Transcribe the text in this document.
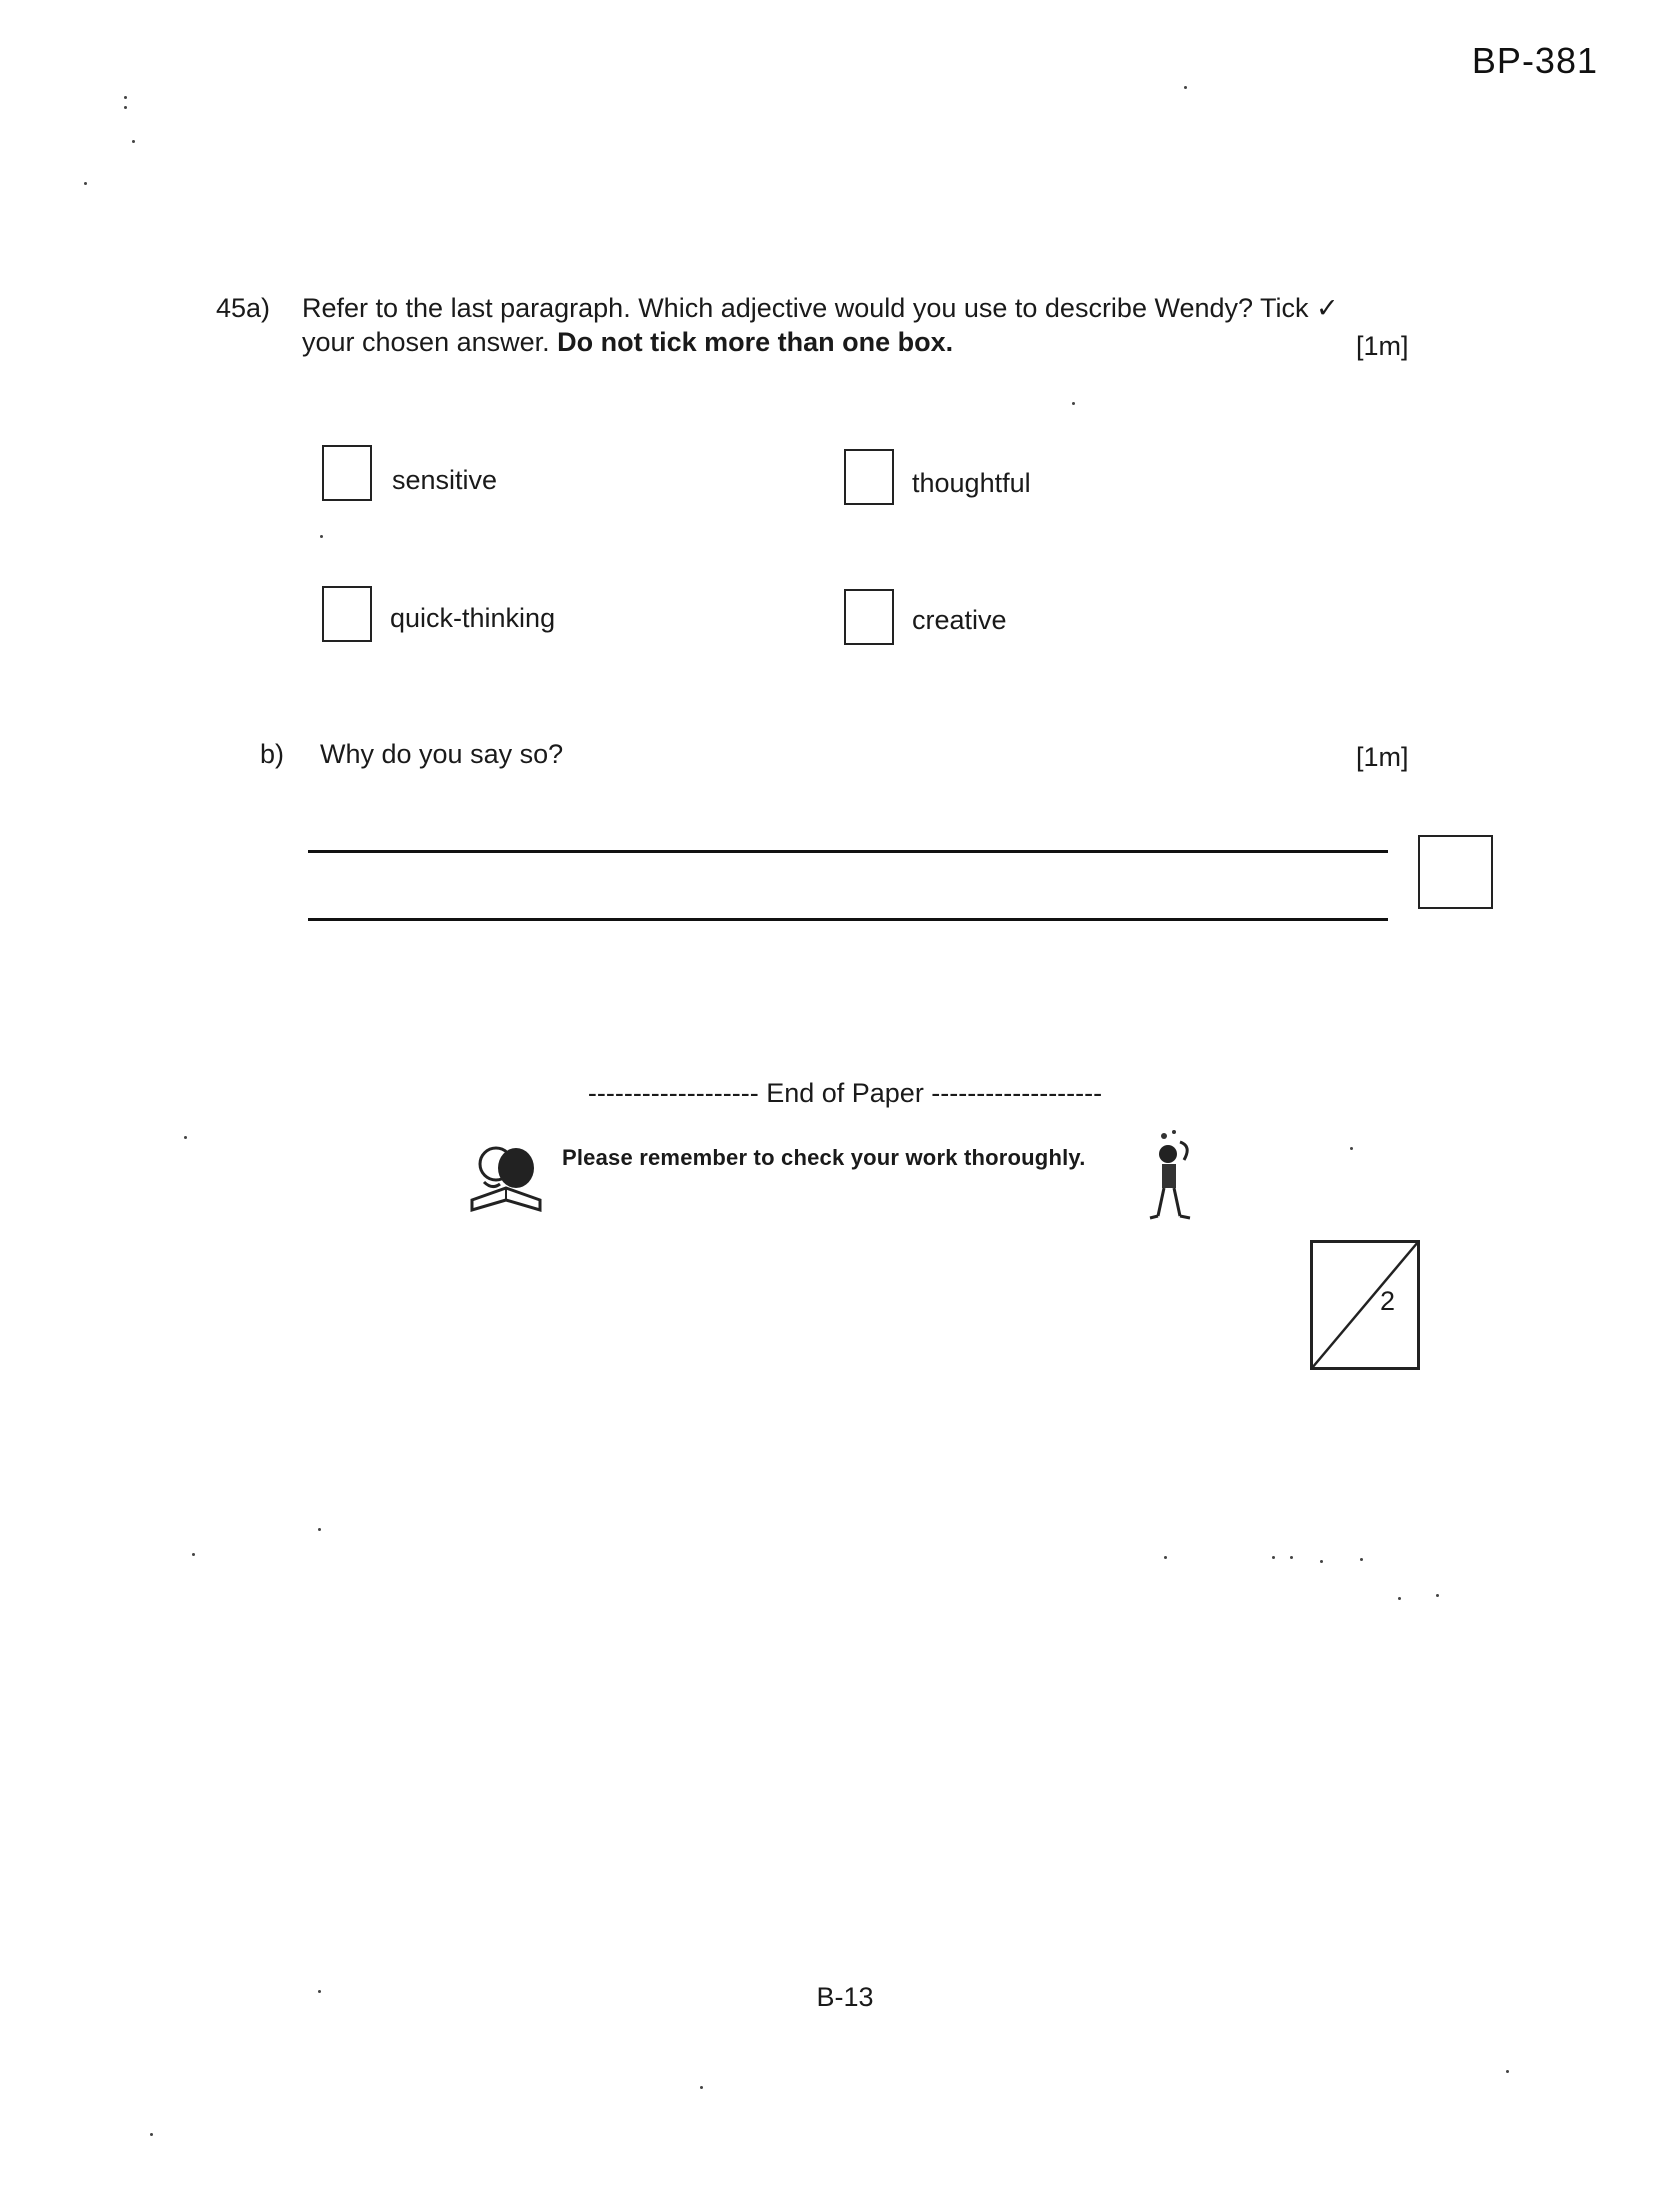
BP-381
45a) Refer to the last paragraph. Which adjective would you use to describe Wendy? Tick ✓
your chosen answer. Do not tick more than one box.	[1m]
sensitive	thoughtful
quick-thinking	creative
b) Why do you say so?	[1m]
------------------- End of Paper -------------------
Please remember to check your work thoroughly.
2
B-13
